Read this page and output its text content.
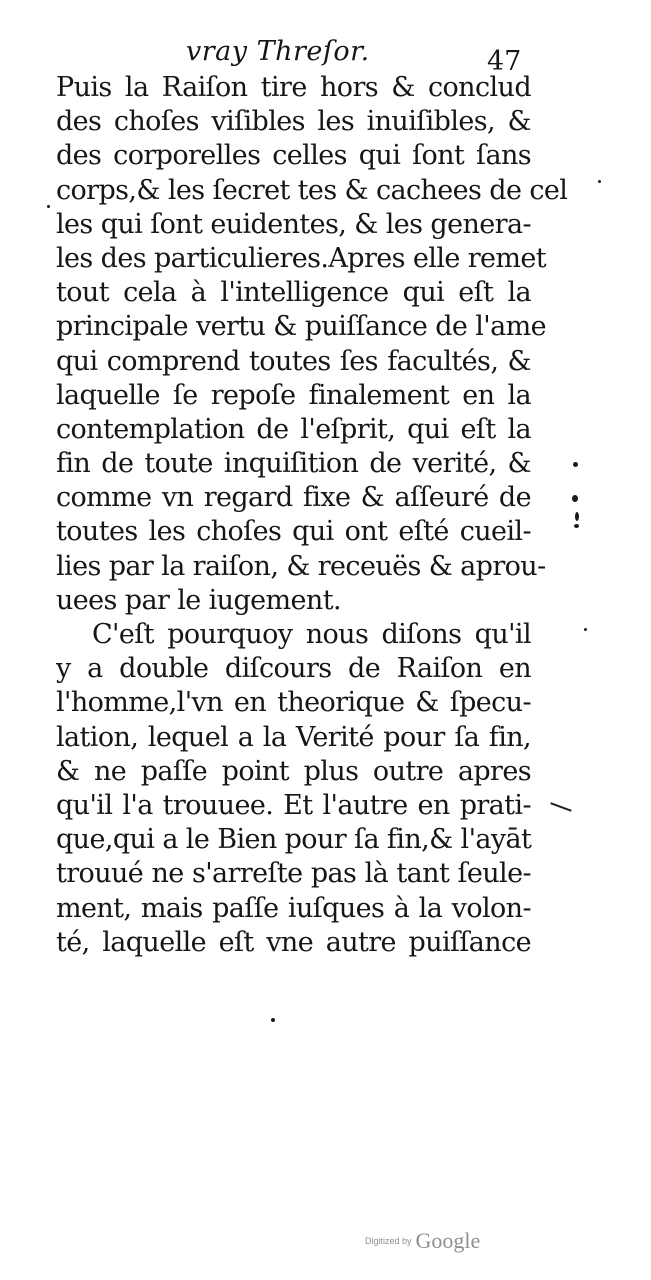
vray Threſor.	47
Puis la Raiſon tire hors & conclud
des choſes viſibles les inuiſibles, &
des corporelles celles qui ſont ſans
corps,& les ſecret tes & cachees de cel
les qui ſont euidentes, & les genera-
les des particulieres.Apres elle remet
tout cela à l'intelligence qui eſt la
principale vertu & puiſſance de l'ame
qui comprend toutes ſes facultés, &
laquelle ſe repoſe finalement en la
contemplation de l'eſprit, qui eſt la
fin de toute inquiſition de verité, &
comme vn regard fixe & aſſeuré de
toutes les choſes qui ont eſté cueil-
lies par la raiſon, & receuës & aprou-
uees par le iugement.
C'eſt pourquoy nous diſons qu'il
y a double diſcours de Raiſon en
l'homme,l'vn en theorique & ſpecu-
lation, lequel a la Verité pour ſa fin,
& ne paſſe point plus outre apres
qu'il l'a trouuee. Et l'autre en prati-
que,qui a le Bien pour ſa fin,& l'ayāt
trouué ne s'arreſte pas là tant ſeule-
ment, mais paſſe iuſques à la volon-
té, laquelle eſt vne autre puiſſance
Digitized by Google
